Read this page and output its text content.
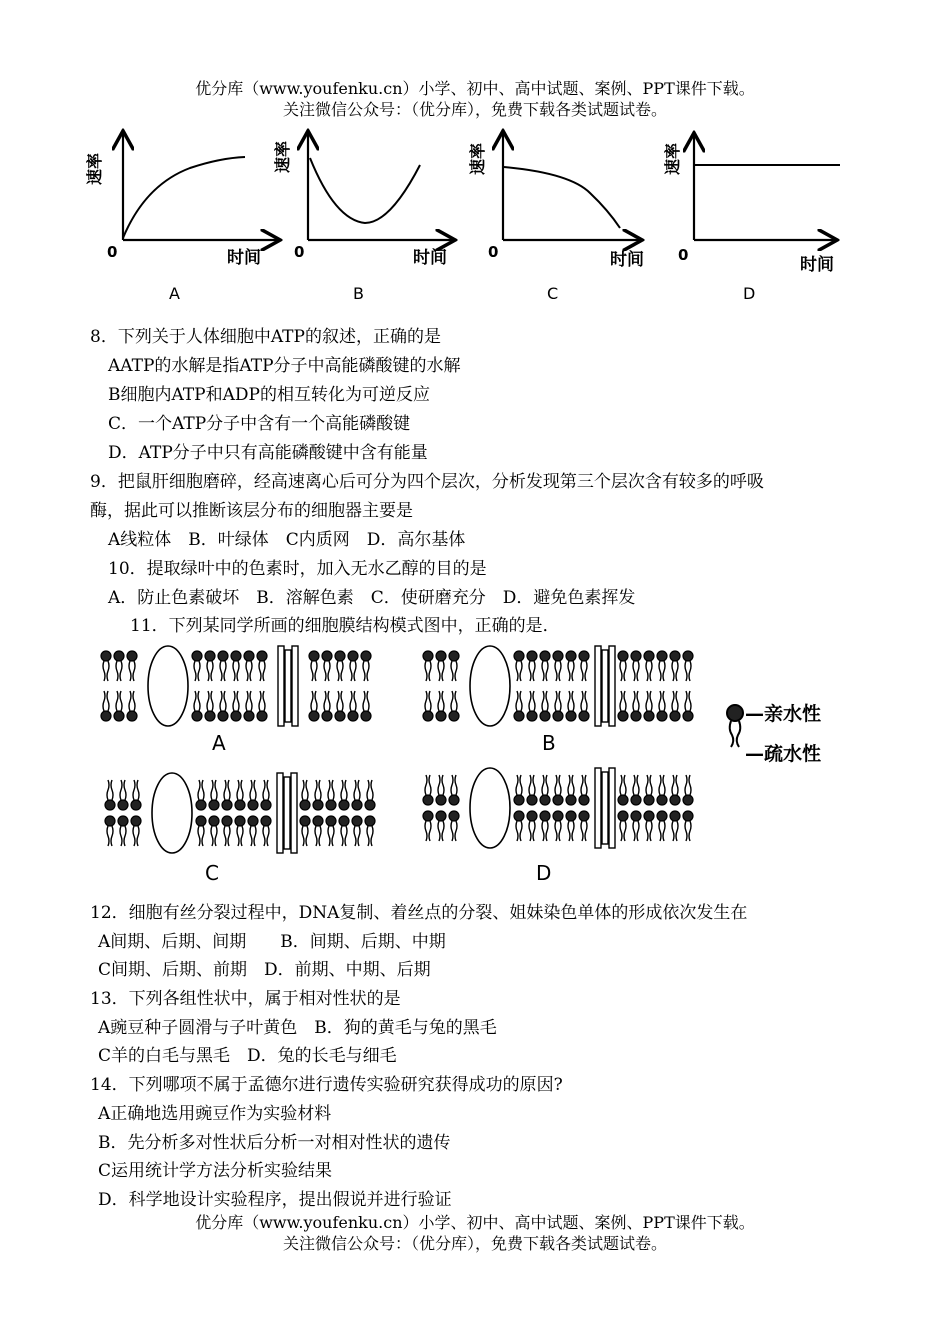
优分库（www.youfenku.cn）小学、初中、高中试题、案例、PPT课件下载。
关注微信公众号：（优分库），免费下载各类试题试卷。
速率
0	时间
A
速率
0	时间
B
速率
0	时间
C
速率
0	时间
D
8．下列关于人体细胞中ATP的叙述，正确的是
AATP的水解是指ATP分子中高能磷酸键的水解
B细胞内ATP和ADP的相互转化为可逆反应
C．一个ATP分子中含有一个高能磷酸键
D．ATP分子中只有高能磷酸键中含有能量
9．把鼠肝细胞磨碎，经高速离心后可分为四个层次，分析发现第三个层次含有较多的呼吸
酶，据此可以推断该层分布的细胞器主要是
A线粒体　B．叶绿体　C内质网　D．高尔基体
10．提取绿叶中的色素时，加入无水乙醇的目的是
A．防止色素破坏　B．溶解色素　C．使研磨充分　D．避免色素挥发
11．下列某同学所画的细胞膜结构模式图中，正确的是．
A	B
C	D
—亲水性
—疏水性
12．细胞有丝分裂过程中，DNA复制、着丝点的分裂、姐妹染色单体的形成依次发生在
A间期、后期、间期　　B．间期、后期、中期
C间期、后期、前期　D．前期、中期、后期
13．下列各组性状中，属于相对性状的是
A豌豆种子圆滑与子叶黄色　B．狗的黄毛与兔的黑毛
C羊的白毛与黑毛　D．兔的长毛与细毛
14．下列哪项不属于孟德尔进行遗传实验研究获得成功的原因?
A正确地选用豌豆作为实验材料
B．先分析多对性状后分析一对相对性状的遗传
C运用统计学方法分析实验结果
D．科学地设计实验程序，提出假说并进行验证
优分库（www.youfenku.cn）小学、初中、高中试题、案例、PPT课件下载。
关注微信公众号：（优分库），免费下载各类试题试卷。
